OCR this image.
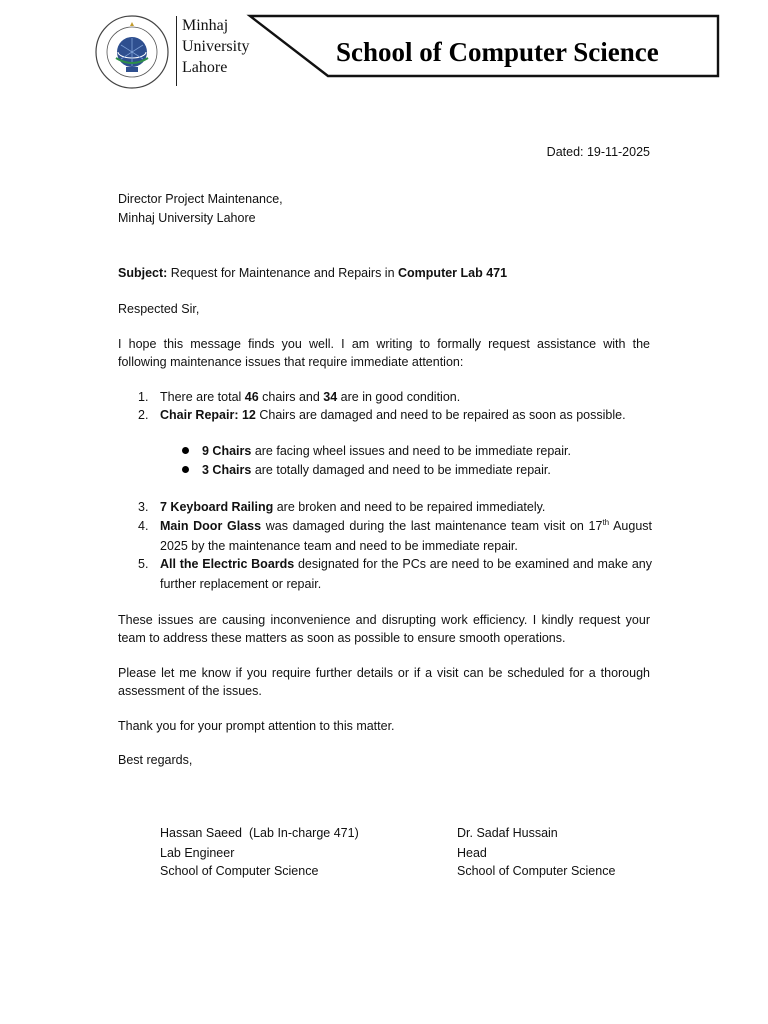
Minhaj
University
Lahore
School of Computer Science
Dated: 19-11-2025
Director Project Maintenance,
Minhaj University Lahore
Subject: Request for Maintenance and Repairs in Computer Lab 471
Respected Sir,
I hope this message finds you well. I am writing to formally request assistance with the
following maintenance issues that require immediate attention:
1. There are total 46 chairs and 34 are in good condition.
2. Chair Repair: 12 Chairs are damaged and need to be repaired as soon as possible.
9 Chairs are facing wheel issues and need to be immediate repair.
3 Chairs are totally damaged and need to be immediate repair.
3. 7 Keyboard Railing are broken and need to be repaired immediately.
4. Main Door Glass was damaged during the last maintenance team visit on 17th August
2025 by the maintenance team and need to be immediate repair.
5. All the Electric Boards designated for the PCs are need to be examined and make any
further replacement or repair.
These issues are causing inconvenience and disrupting work efficiency. I kindly request your
team to address these matters as soon as possible to ensure smooth operations.
Please let me know if you require further details or if a visit can be scheduled for a thorough
assessment of the issues.
Thank you for your prompt attention to this matter.
Best regards,
Hassan Saeed  (Lab In-charge 471)
Lab Engineer
School of Computer Science
Dr. Sadaf Hussain
Head
School of Computer Science
